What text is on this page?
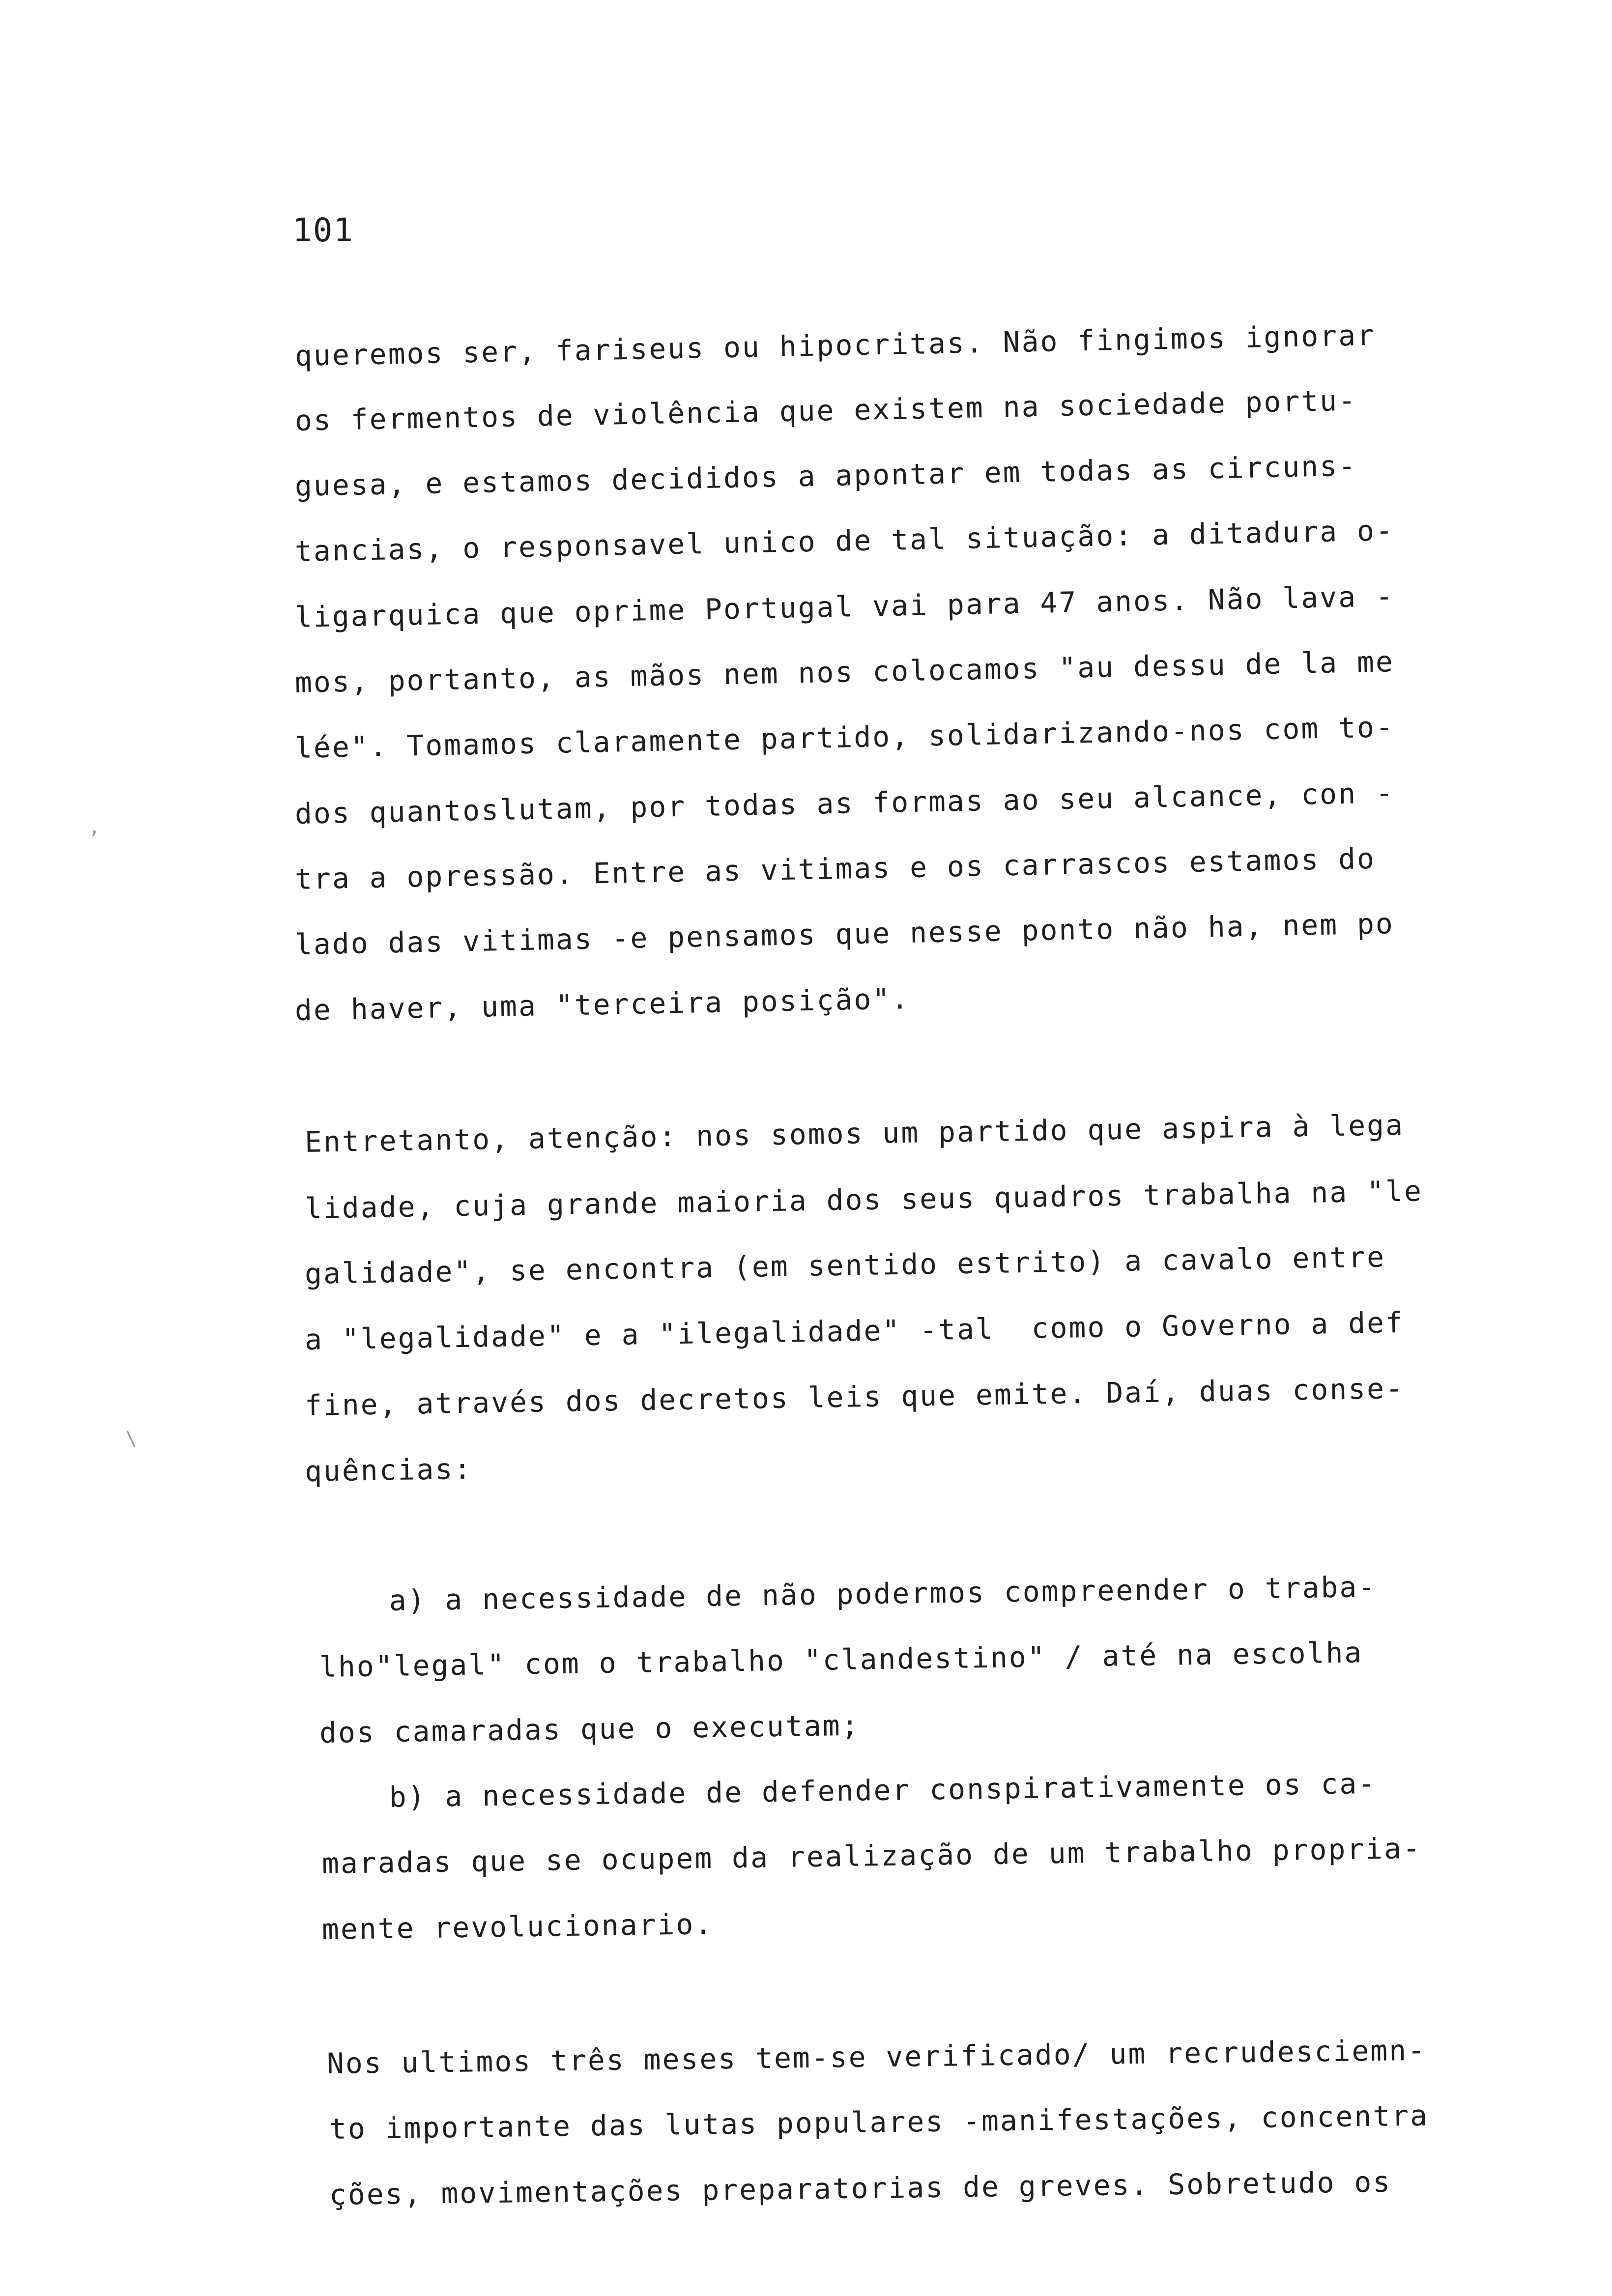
101
queremos ser, fariseus ou hipocritas. Não fingimos ignorar
os fermentos de violência que existem na sociedade portu-
guesa, e estamos decididos a apontar em todas as circuns-
tancias, o responsavel unico de tal situação: a ditadura o-
ligarquica que oprime Portugal vai para 47 anos. Não lava -
mos, portanto, as mãos nem nos colocamos "au dessu de la me
lée". Tomamos claramente partido, solidarizando-nos com to-
dos quantoslutam, por todas as formas ao seu alcance, con -
tra a opressão. Entre as vitimas e os carrascos estamos do
lado das vitimas -e pensamos que nesse ponto não ha, nem po
de haver, uma "terceira posição".
Entretanto, atenção: nos somos um partido que aspira à lega
lidade, cuja grande maioria dos seus quadros trabalha na "le
galidade", se encontra (em sentido estrito) a cavalo entre
a "legalidade" e a "ilegalidade" -tal  como o Governo a def
fine, através dos decretos leis que emite. Daí, duas conse-
quências:
a) a necessidade de não podermos compreender o traba-
lho"legal" com o trabalho "clandestino" / até na escolha
dos camaradas que o executam;
b) a necessidade de defender conspirativamente os ca-
maradas que se ocupem da realização de um trabalho propria-
mente revolucionario.
Nos ultimos três meses tem-se verificado/ um recrudesciemn-
to importante das lutas populares -manifestações, concentra
ções, movimentações preparatorias de greves. Sobretudo os
,
\
